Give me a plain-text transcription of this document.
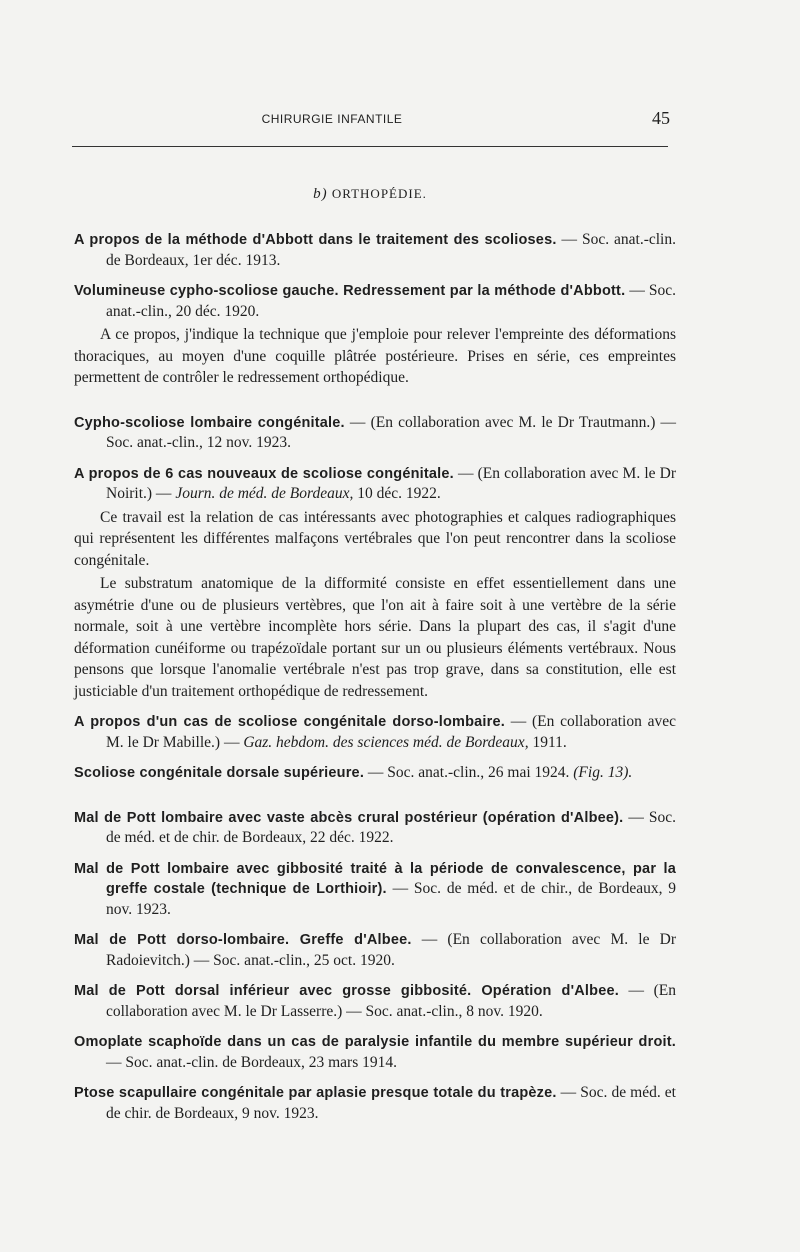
CHIRURGIE INFANTILE	45
b) ORTHOPÉDIE.
A propos de la méthode d'Abbott dans le traitement des scolioses. — Soc. anat.-clin. de Bordeaux, 1er déc. 1913.
Volumineuse cypho-scoliose gauche. Redressement par la méthode d'Abbott. — Soc. anat.-clin., 20 déc. 1920.

A ce propos, j'indique la technique que j'emploie pour relever l'empreinte des déformations thoraciques, au moyen d'une coquille plâtrée postérieure. Prises en série, ces empreintes permettent de contrôler le redressement orthopédique.

Cypho-scoliose lombaire congénitale. — (En collaboration avec M. le Dr Trautmann.) — Soc. anat.-clin., 12 nov. 1923.
A propos de 6 cas nouveaux de scoliose congénitale. — (En collaboration avec M. le Dr Noirit.) — Journ. de méd. de Bordeaux, 10 déc. 1922.

Ce travail est la relation de cas intéressants avec photographies et calques radiographiques qui représentent les différentes malfaçons vertébrales que l'on peut rencontrer dans la scoliose congénitale.

Le substratum anatomique de la difformité consiste en effet essentiellement dans une asymétrie d'une ou de plusieurs vertèbres, que l'on ait à faire soit à une vertèbre de la série normale, soit à une vertèbre incomplète hors série. Dans la plupart des cas, il s'agit d'une déformation cunéiforme ou trapézoïdale portant sur un ou plusieurs éléments vertébraux. Nous pensons que lorsque l'anomalie vertébrale n'est pas trop grave, dans sa constitution, elle est justiciable d'un traitement orthopédique de redressement.

A propos d'un cas de scoliose congénitale dorso-lombaire. — (En collaboration avec M. le Dr Mabille.) — Gaz. hebdom. des sciences méd. de Bordeaux, 1911.
Scoliose congénitale dorsale supérieure. — Soc. anat.-clin., 26 mai 1924. (Fig. 13).
Mal de Pott lombaire avec vaste abcès crural postérieur (opération d'Albee). — Soc. de méd. et de chir. de Bordeaux, 22 déc. 1922.
Mal de Pott lombaire avec gibbosité traité à la période de convalescence, par la greffe costale (technique de Lorthioir). — Soc. de méd. et de chir., de Bordeaux, 9 nov. 1923.
Mal de Pott dorso-lombaire. Greffe d'Albee. — (En collaboration avec M. le Dr Radoievitch.) — Soc. anat.-clin., 25 oct. 1920.
Mal de Pott dorsal inférieur avec grosse gibbosité. Opération d'Albee. — (En collaboration avec M. le Dr Lasserre.) — Soc. anat.-clin., 8 nov. 1920.
Omoplate scaphoïde dans un cas de paralysie infantile du membre supérieur droit. — Soc. anat.-clin. de Bordeaux, 23 mars 1914.
Ptose scapullaire congénitale par aplasie presque totale du trapèze. — Soc. de méd. et de chir. de Bordeaux, 9 nov. 1923.
